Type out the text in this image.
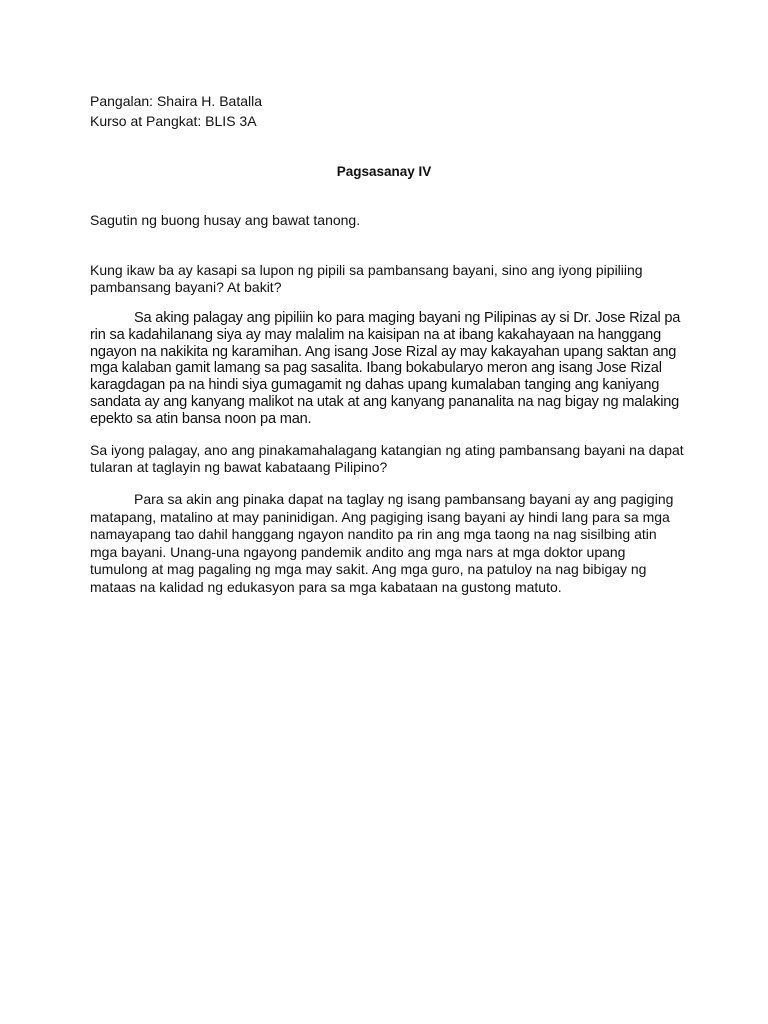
Pangalan: Shaira H. Batalla

Kurso at Pangkat: BLIS 3A

Pagsasanay IV

Sagutin ng buong husay ang bawat tanong.

Kung ikaw ba ay kasapi sa lupon ng pipili sa pambansang bayani, sino ang iyong pipiliing
pambansang bayani? At bakit?

Sa aking palagay ang pipiliin ko para maging bayani ng Pilipinas ay si Dr. Jose Rizal pa
rin sa kadahilanang siya ay may malalim na kaisipan na at ibang kakahayaan na hanggang
ngayon na nakikita ng karamihan. Ang isang Jose Rizal ay may kakayahan upang saktan ang
mga kalaban gamit lamang sa pag sasalita. Ibang bokabularyo meron ang isang Jose Rizal
karagdagan pa na hindi siya gumagamit ng dahas upang kumalaban tanging ang kaniyang
sandata ay ang kanyang malikot na utak at ang kanyang pananalita na nag bigay ng malaking
epekto sa atin bansa noon pa man.

Sa iyong palagay, ano ang pinakamahalagang katangian ng ating pambansang bayani na dapat
tularan at taglayin ng bawat kabataang Pilipino?

Para sa akin ang pinaka dapat na taglay ng isang pambansang bayani ay ang pagiging
matapang, matalino at may paninidigan. Ang pagiging isang bayani ay hindi lang para sa mga
namayapang tao dahil hanggang ngayon nandito pa rin ang mga taong na nag sisilbing atin
mga bayani. Unang-una ngayong pandemik andito ang mga nars at mga doktor upang
tumulong at mag pagaling ng mga may sakit. Ang mga guro, na patuloy na nag bibigay ng
mataas na kalidad ng edukasyon para sa mga kabataan na gustong matuto.
